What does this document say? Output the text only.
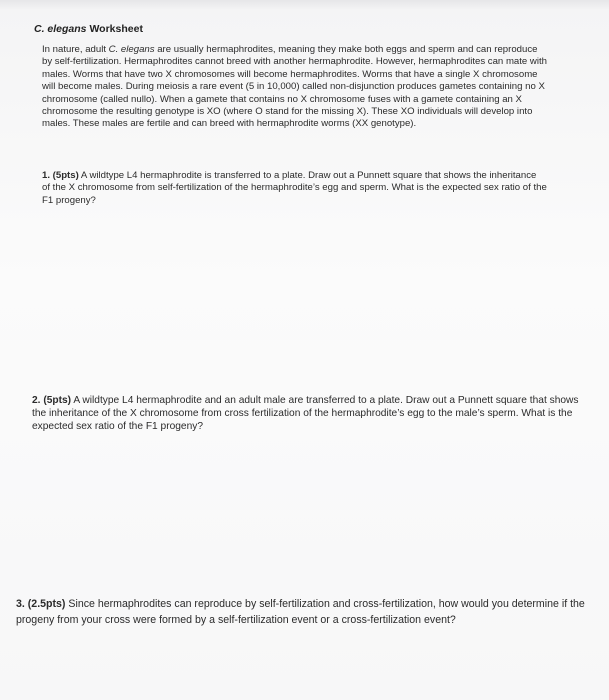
C. elegans Worksheet

In nature, adult C. elegans are usually hermaphrodites, meaning they make both eggs and sperm and can reproduce by self-fertilization. Hermaphrodites cannot breed with another hermaphrodite. However, hermaphrodites can mate with males. Worms that have two X chromosomes will become hermaphrodites. Worms that have a single X chromosome will become males. During meiosis a rare event (5 in 10,000) called non-disjunction produces gametes containing no X chromosome (called nullo). When a gamete that contains no X chromosome fuses with a gamete containing an X chromosome the resulting genotype is XO (where O stand for the missing X). These XO individuals will develop into males. These males are fertile and can breed with hermaphrodite worms (XX genotype).

1. (5pts) A wildtype L4 hermaphrodite is transferred to a plate. Draw out a Punnett square that shows the inheritance of the X chromosome from self-fertilization of the hermaphrodite’s egg and sperm. What is the expected sex ratio of the F1 progeny?

2. (5pts) A wildtype L4 hermaphrodite and an adult male are transferred to a plate. Draw out a Punnett square that shows the inheritance of the X chromosome from cross fertilization of the hermaphrodite’s egg to the male’s sperm. What is the expected sex ratio of the F1 progeny?

3. (2.5pts) Since hermaphrodites can reproduce by self-fertilization and cross-fertilization, how would you determine if the progeny from your cross were formed by a self-fertilization event or a cross-fertilization event?
